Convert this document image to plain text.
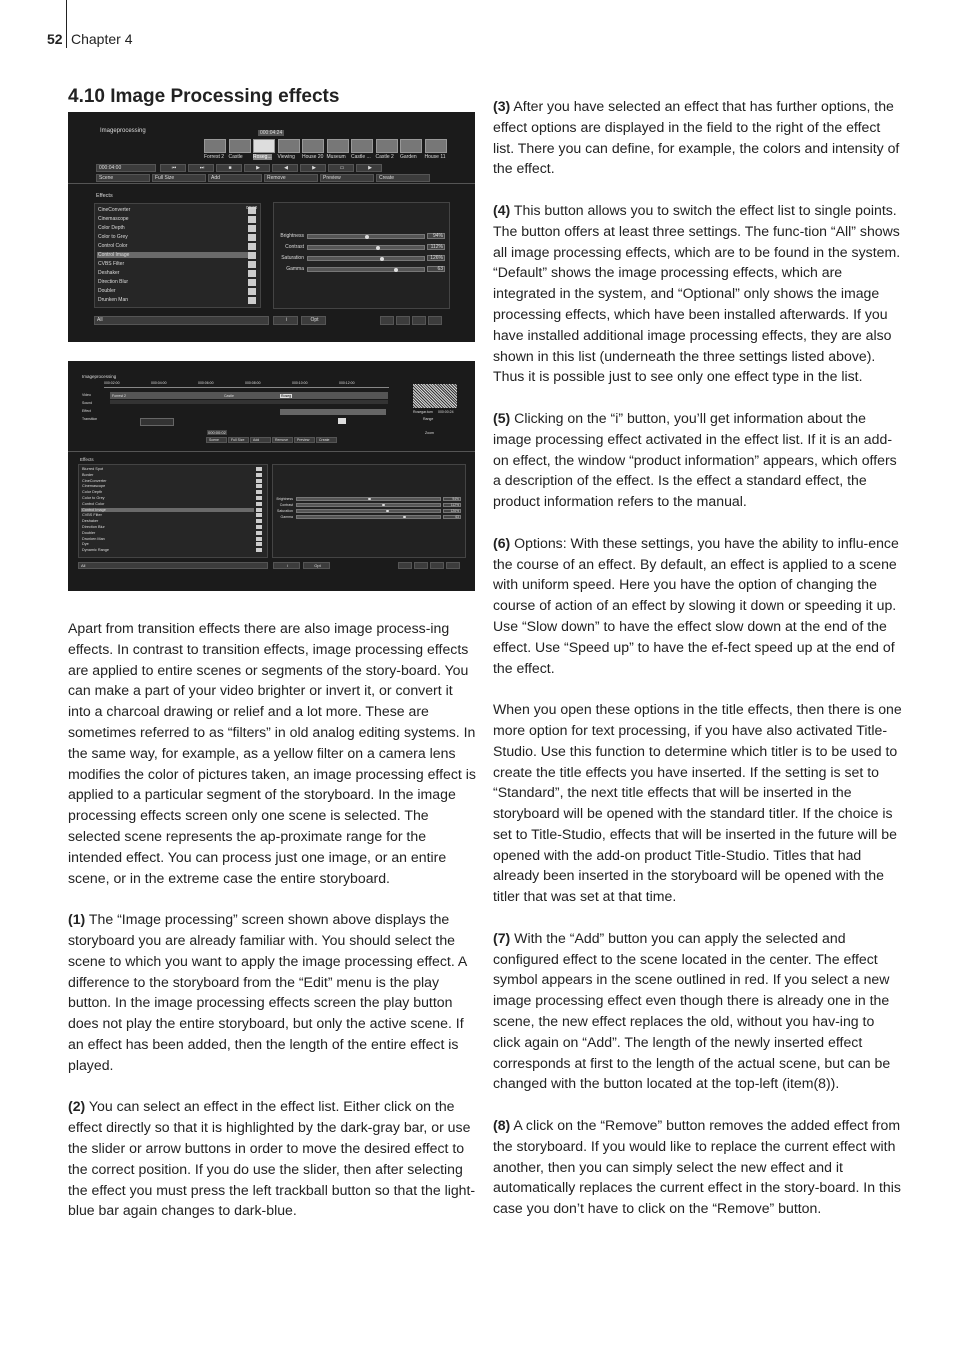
52 Chapter 4
4.10 Image Processing effects
Imageprocessing	000:04:24
Forrest 2 Castle Roseg... Viewing House 20 Museum Castle ... Castle 2 Garden House 11
000:04:00	⏮	⏭	■	▶	◀	▶	▭	▶
Scene	Full Size	Add	Remove	Preview	Create
Effects
CineConverter
Cinemascope
Color Depth
Color to Grey
Control Color
Control Image
CVBS Filter
Deshaker
Direction Blur
Doubler
Drunken Man
00:00
Brightness	94%
Contrast	112%
Saturation	126%
Gamma	63
All	i	Opt
Imageprocessing
000:02:00	000:04:00	000:06:00	000:08:00	000:10:00	000:12:00
Video
Sound
Effect
Transition
Forrest 2	Castle	Roseg
000:00:02
Scene	Full Size	Add	Remove	Preview	Create
Rosegar.tum 000:00:24
Range
Zoom
Effects
Blurred Spot
Border
CineConverter
Cinemascope
Color Depth
Color to Grey
Control Color
Control Image
CVBS Filter
Deshaker
Direction Blur
Doubler
Drunken Man
Dye
Dynamic Range
Brightness	94%
Contrast	112%
Saturation	126%
Gamma	63
All	i	Opt

Apart from transition effects there are also image process-ing effects. In contrast to transition effects, image processing effects are applied to entire scenes or segments of the story-board. You can make a part of your video brighter or invert it, or convert it into a charcoal drawing or relief and a lot more. These are sometimes referred to as “filters” in old analog editing systems. In the same way, for example, as a yellow filter on a camera lens modifies the color of pictures taken, an image processing effect is applied to a particular segment of the storyboard. In the image processing effects screen only one scene is selected. The selected scene represents the ap-proximate range for the intended effect. You can process just one image, or an entire scene, or in the extreme case the entire storyboard.

(1) The “Image processing” screen shown above displays the storyboard you are already familiar with. You should select the scene to which you want to apply the image processing effect. A difference to the storyboard from the “Edit” menu is the play button. In the image processing effects screen the play button does not play the entire storyboard, but only the active scene. If an effect has been added, then the length of the entire effect is played.

(2) You can select an effect in the effect list. Either click on the effect directly so that it is highlighted by the dark-gray bar, or use the slider or arrow buttons in order to move the desired effect to the correct position. If you do use the slider, then after selecting the effect you must press the left trackball button so that the light-blue bar again changes to dark-blue.

(3) After you have selected an effect that has further options, the effect options are displayed in the field to the right of the effect list. There you can define, for example, the colors and intensity of the effect.

(4) This button allows you to switch the effect list to single points. The button offers at least three settings. The func-tion “All” shows all image processing effects, which are to be found in the system. “Default” shows the image processing effects, which are integrated in the system, and “Optional” only shows the image processing effects, which have been installed afterwards. If you have installed additional image processing effects, they are also shown in this list (underneath the three settings listed above). Thus it is possible just to see only one effect type in the list.

(5) Clicking on the “i” button, you’ll get information about the image processing effect activated in the effect list. If it is an add-on effect, the window “product information” appears, which offers a description of the effect. Is the effect a standard effect, the product information refers to the manual.

(6) Options: With these settings, you have the ability to influ-ence the course of an effect. By default, an effect is applied to a scene with uniform speed. Here you have the option of changing the course of action of an effect by slowing it down or speeding it up. Use “Slow down” to have the effect slow down at the end of the effect. Use “Speed up” to have the ef-fect speed up at the end of the effect.

When you open these options in the title effects, then there is one more option for text processing, if you have also activated Title-Studio. Use this function to determine which titler is to be used to create the title effects you have inserted. If the setting is set to “Standard”, the next title effects that will be inserted in the storyboard will be opened with the standard titler. If the choice is set to Title-Studio, effects that will be inserted in the future will be opened with the add-on product Title-Studio. Titles that had already been inserted in the storyboard will be opened with the titler that was set at that time.

(7) With the “Add” button you can apply the selected and configured effect to the scene located in the center. The effect symbol appears in the scene outlined in red. If you select a new image processing effect even though there is already one in the scene, the new effect replaces the old, without you hav-ing to click again on “Add”. The length of the newly inserted effect corresponds at first to the length of the actual scene, but can be changed with the button located at the top-left (item(8)).

(8) A click on the “Remove” button removes the added effect from the storyboard. If you would like to replace the current effect with another, then you can simply select the new effect and it automatically replaces the current effect in the story-board. In this case you don’t have to click on the “Remove” button.
